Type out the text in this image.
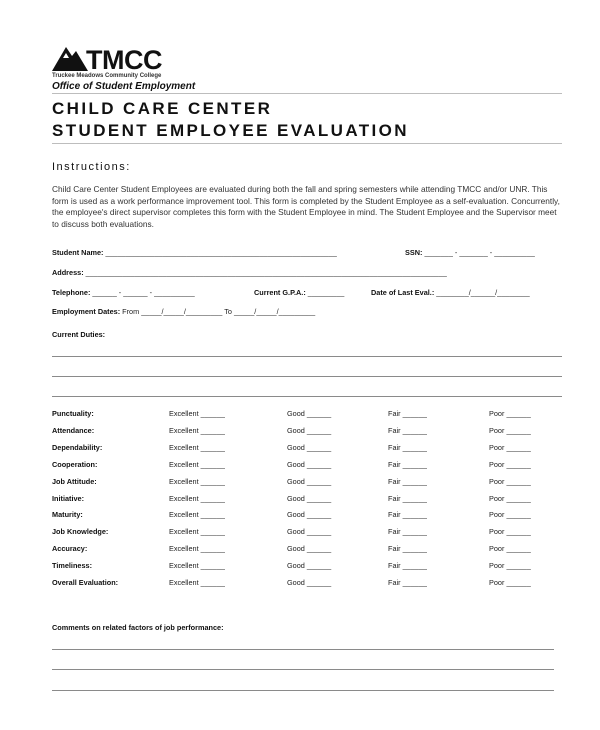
TMCC
Truckee Meadows Community College
Office of Student Employment
CHILD CARE CENTER
STUDENT EMPLOYEE EVALUATION
Instructions:
Child Care Center Student Employees are evaluated during both the fall and spring semesters while attending TMCC and/or UNR. This form is used as a work performance improvement tool. This form is completed by the Student Employee as a self-evaluation. Concurrently, the employee's direct supervisor completes this form with the Student Employee in mind. The Student Employee and the Supervisor meet to discuss both evaluations.
Student Name: _________________________________________________________	SSN: _______ - _______ - __________
Address: _________________________________________________________________________________________
Telephone: ______ - ______ - __________	Current G.P.A.: _________	Date of Last Eval.: ________/______/________
Employment Dates: From _____/_____/_________ To _____/_____/_________
Current Duties:
Punctuality:	Excellent ______	Good ______	Fair ______	Poor ______
Attendance:	Excellent ______	Good ______	Fair ______	Poor ______
Dependability:	Excellent ______	Good ______	Fair ______	Poor ______
Cooperation:	Excellent ______	Good ______	Fair ______	Poor ______
Job Attitude:	Excellent ______	Good ______	Fair ______	Poor ______
Initiative:	Excellent ______	Good ______	Fair ______	Poor ______
Maturity:	Excellent ______	Good ______	Fair ______	Poor ______
Job Knowledge:	Excellent ______	Good ______	Fair ______	Poor ______
Accuracy:	Excellent ______	Good ______	Fair ______	Poor ______
Timeliness:	Excellent ______	Good ______	Fair ______	Poor ______
Overall Evaluation:	Excellent ______	Good ______	Fair ______	Poor ______
Comments on related factors of job performance:
